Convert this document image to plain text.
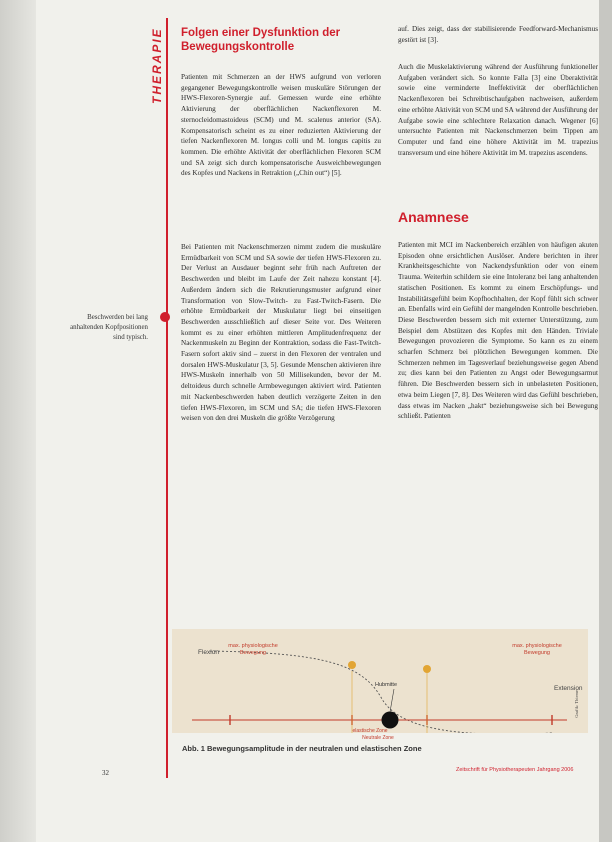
THERAPIE Folgen einer Dysfunktion der Bewegungskontrolle

Patienten mit Schmerzen an der HWS aufgrund von verloren gegangener Bewegungskontrolle weisen muskuläre Störungen der HWS-Flexoren-Synergie auf. Gemessen wurde eine erhöhte Aktivierung der oberflächlichen Nackenflexoren M. sternocleidomastoideus (SCM) und M. scalenus anterior (SA). Kompensatorisch scheint es zu einer reduzierten Aktivierung der tiefen Nackenflexoren M. longus colli und M. longus capitis zu kommen. Die erhöhte Aktivität der oberflächlichen Flexoren SCM und SA zeigt sich durch kompensatorische Ausweichbewegungen des Kopfes und Nackens in Retraktion („Chin out“) [5].

Bei Patienten mit Nackenschmerzen nimmt zudem die muskuläre Ermüdbarkeit von SCM und SA sowie der tiefen HWS-Flexoren zu. Der Verlust an Ausdauer beginnt sehr früh nach Auftreten der Beschwerden und bleibt im Laufe der Zeit nahezu konstant [4]. Außerdem ändern sich die Rekrutierungsmuster aufgrund einer Transformation von Slow-Twitch- zu Fast-Twitch-Fasern. Die erhöhte Ermüdbarkeit der Muskulatur liegt bei einseitigen Beschwerden ausschließlich auf dieser Seite vor. Des Weiteren kommt es zu einer erhöhten mittleren Amplitudenfrequenz der Nackenmuskeln zu Beginn der Kontraktion, sodass die Fast-Twitch-Fasern sofort aktiv sind – zuerst in den Flexoren der ventralen und dorsalen HWS-Muskulatur [3, 5]. Gesunde Menschen aktivieren ihre HWS-Muskeln innerhalb von 50 Millisekunden, bevor der M. deltoideus durch schnelle Armbewegungen aktiviert wird. Patienten mit Nackenbeschwerden haben deutlich verzögerte Zeiten in den tiefen HWS-Flexoren, im SCM und SA; die tiefen HWS-Flexoren weisen von den drei Muskeln die größte Verzögerung

auf. Dies zeigt, dass der stabilisierende Feedforward-Mechanismus gestört ist [3].

Auch die Muskelaktivierung während der Ausführung funktioneller Aufgaben verändert sich. So konnte Falla [3] eine Überaktivität sowie eine verminderte Ineffektivität der oberflächlichen Nackenflexoren bei Schreibtischaufgaben nachweisen, außerdem eine erhöhte Aktivität von SCM und SA während der Ausführung der Aufgabe sowie eine schlechtere Relaxation danach. Wegener [6] untersuchte Patienten mit Nackenschmerzen beim Tippen am Computer und fand eine höhere Aktivität im M. trapezius transversum und eine höhere Aktivität im M. trapezius ascendens.

Anamnese

Patienten mit MCI im Nackenbereich erzählen von häufigen akuten Episoden ohne ersichtlichen Auslöser. Andere berichten in ihrer Krankheitsgeschichte von Nackendysfunktion oder von einem Trauma. Weiterhin schildern sie eine Intoleranz bei lang anhaltenden statischen Positionen. Es kommt zu einem Erschöpfungs- und Instabilitätsgefühl beim Kopfhochhalten, der Kopf fühlt sich schwer an. Ebenfalls wird ein Gefühl der mangelnden Kontrolle beschrieben. Diese Beschwerden bessern sich mit externer Unterstützung, zum Beispiel dem Abstützen des Kopfes mit den Händen. Triviale Bewegungen provozieren die Symptome. So kann es zu einem scharfen Schmerz bei plötzlichen Bewegungen kommen. Die Schmerzen nehmen im Tagesverlauf beziehungsweise gegen Abend zu; dies kann bei den Patienten zu Angst oder Bewegungsarmut führen. Die Beschwerden bessern sich in unbelasteten Positionen, etwa beim Liegen [7, 8]. Des Weiteren wird das Gefühl beschrieben, dass etwas im Nacken „hakt“ beziehungsweise sich bei Bewegung schließt. Patienten

Beschwerden bei lang anhaltenden Kopfpositionen sind typisch.
Flexion
Hubmitte
max. physiologische Bewegung
max. physiologische Bewegung
Extension
elastische Zone
Abb. 1 Bewegungsamplitude in der neutralen und elastischen Zone
Grafik: Thieme
Neutrale Zone
32	Zeitschrift für Physiotherapeuten Jahrgang 2006
